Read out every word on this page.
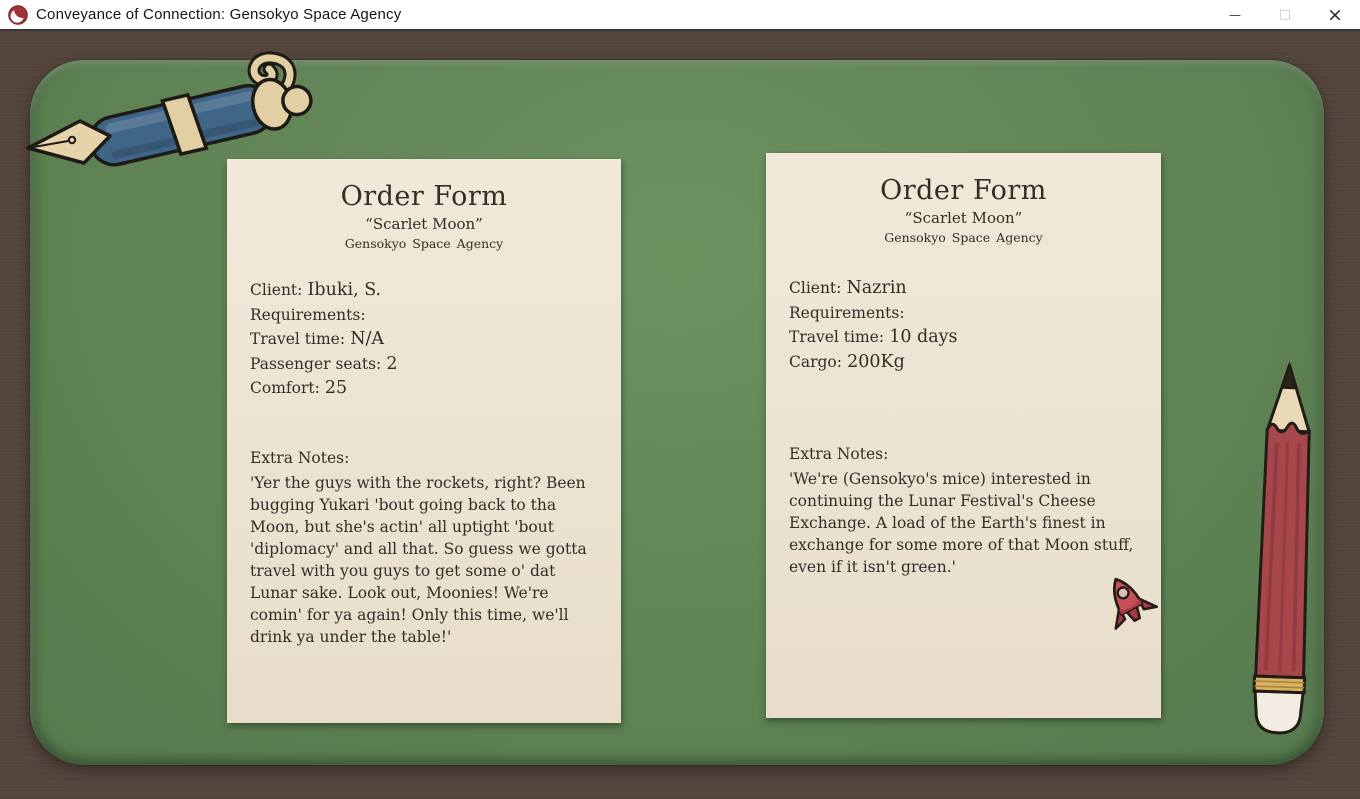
Conveyance of Connection: Gensokyo Space Agency	—	□	×
Order Form
“Scarlet Moon”
Gensokyo Space Agency
Client: Ibuki, S.
Requirements:
Travel time: N/A
Passenger seats: 2
Comfort: 25
Extra Notes:
'Yer the guys with the rockets, right? Been bugging Yukari 'bout going back to tha Moon, but she's actin' all uptight 'bout 'diplomacy' and all that. So guess we gotta travel with you guys to get some o' dat Lunar sake. Look out, Moonies! We're comin' for ya again! Only this time, we'll drink ya under the table!'
Order Form
“Scarlet Moon”
Gensokyo Space Agency
Client: Nazrin
Requirements:
Travel time: 10 days
Cargo: 200Kg
Extra Notes:
'We're (Gensokyo's mice) interested in continuing the Lunar Festival's Cheese Exchange. A load of the Earth's finest in exchange for some more of that Moon stuff, even if it isn't green.'
